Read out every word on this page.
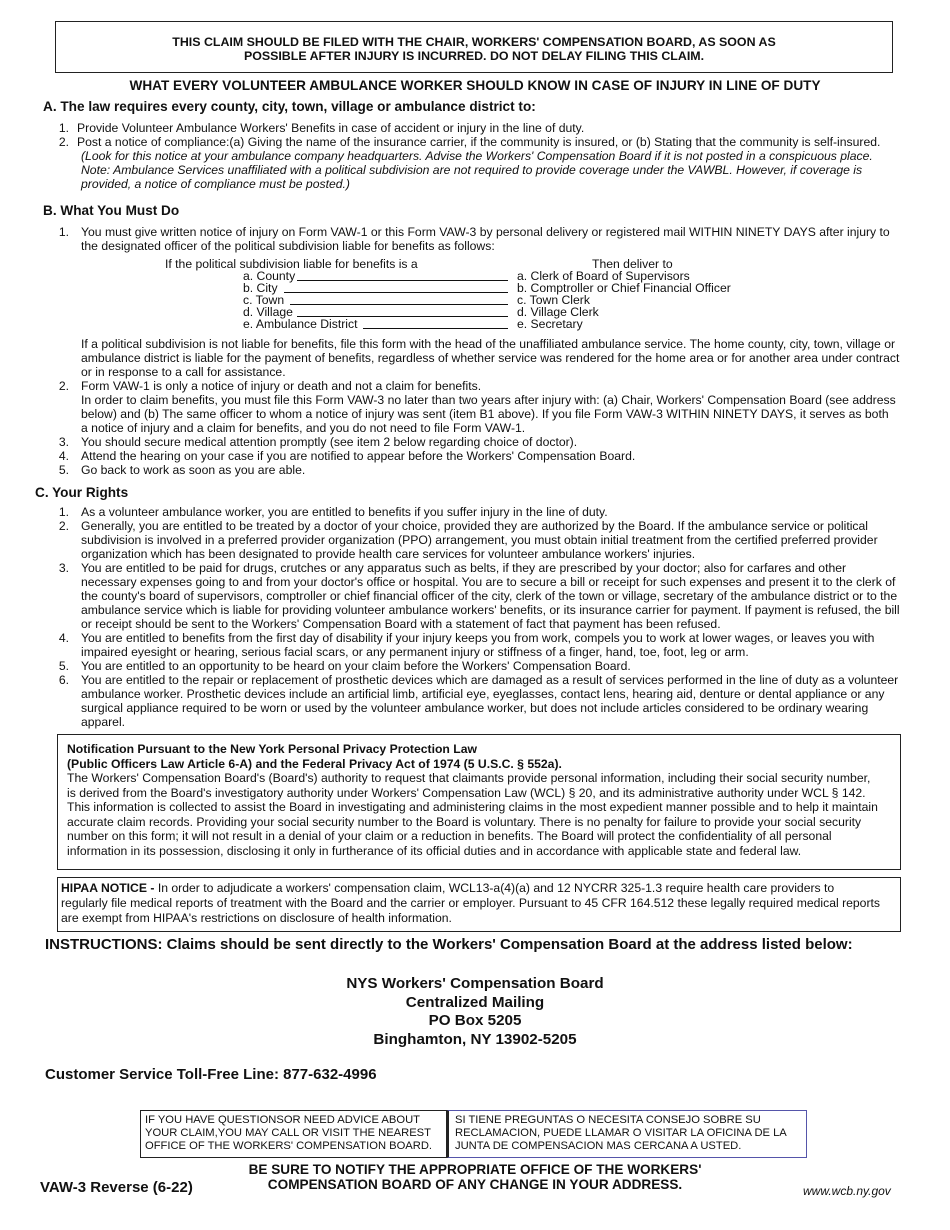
THIS CLAIM SHOULD BE FILED WITH THE CHAIR, WORKERS' COMPENSATION BOARD, AS SOON AS
POSSIBLE AFTER INJURY IS INCURRED. DO NOT DELAY FILING THIS CLAIM.
WHAT EVERY VOLUNTEER AMBULANCE WORKER SHOULD KNOW IN CASE OF INJURY IN LINE OF DUTY
A. The law requires every county, city, town, village or ambulance district to:
1. Provide Volunteer Ambulance Workers' Benefits in case of accident or injury in the line of duty.
2. Post a notice of compliance:(a) Giving the name of the insurance carrier, if the community is insured, or (b) Stating that the community is self-insured.
(Look for this notice at your ambulance company headquarters. Advise the Workers' Compensation Board if it is not posted in a conspicuous place.
Note: Ambulance Services unaffiliated with a political subdivision are not required to provide coverage under the VAWBL. However, if coverage is
provided, a notice of compliance must be posted.)
B. What You Must Do
1. You must give written notice of injury on Form VAW-1 or this Form VAW-3 by personal delivery or registered mail WITHIN NINETY DAYS after injury to
the designated officer of the political subdivision liable for benefits as follows:
If the political subdivision liable for benefits is a	Then deliver to
a. County
b. City
c. Town
d. Village
e. Ambulance District
a. Clerk of Board of Supervisors
b. Comptroller or Chief Financial Officer
c. Town Clerk
d. Village Clerk
e. Secretary
If a political subdivision is not liable for benefits, file this form with the head of the unaffiliated ambulance service. The home county, city, town, village or
ambulance district is liable for the payment of benefits, regardless of whether service was rendered for the home area or for another area under contract
or in response to a call for assistance.
2. Form VAW-1 is only a notice of injury or death and not a claim for benefits.
In order to claim benefits, you must file this Form VAW-3 no later than two years after injury with: (a) Chair, Workers' Compensation Board (see address
below) and (b) The same officer to whom a notice of injury was sent (item B1 above). If you file Form VAW-3 WITHIN NINETY DAYS, it serves as both
a notice of injury and a claim for benefits, and you do not need to file Form VAW-1.
3. You should secure medical attention promptly (see item 2 below regarding choice of doctor).
4. Attend the hearing on your case if you are notified to appear before the Workers' Compensation Board.
5. Go back to work as soon as you are able.
C. Your Rights
1. As a volunteer ambulance worker, you are entitled to benefits if you suffer injury in the line of duty.
2. Generally, you are entitled to be treated by a doctor of your choice, provided they are authorized by the Board. If the ambulance service or political
subdivision is involved in a preferred provider organization (PPO) arrangement, you must obtain initial treatment from the certified preferred provider
organization which has been designated to provide health care services for volunteer ambulance workers' injuries.
3. You are entitled to be paid for drugs, crutches or any apparatus such as belts, if they are prescribed by your doctor; also for carfares and other
necessary expenses going to and from your doctor's office or hospital. You are to secure a bill or receipt for such expenses and present it to the clerk of
the county's board of supervisors, comptroller or chief financial officer of the city, clerk of the town or village, secretary of the ambulance district or to the
ambulance service which is liable for providing volunteer ambulance workers' benefits, or its insurance carrier for payment. If payment is refused, the bill
or receipt should be sent to the Workers' Compensation Board with a statement of fact that payment has been refused.
4. You are entitled to benefits from the first day of disability if your injury keeps you from work, compels you to work at lower wages, or leaves you with
impaired eyesight or hearing, serious facial scars, or any permanent injury or stiffness of a finger, hand, toe, foot, leg or arm.
5. You are entitled to an opportunity to be heard on your claim before the Workers' Compensation Board.
6. You are entitled to the repair or replacement of prosthetic devices which are damaged as a result of services performed in the line of duty as a volunteer
ambulance worker. Prosthetic devices include an artificial limb, artificial eye, eyeglasses, contact lens, hearing aid, denture or dental appliance or any
surgical appliance required to be worn or used by the volunteer ambulance worker, but does not include articles considered to be ordinary wearing
apparel.
Notification Pursuant to the New York Personal Privacy Protection Law
(Public Officers Law Article 6-A) and the Federal Privacy Act of 1974 (5 U.S.C. § 552a).
The Workers' Compensation Board's (Board's) authority to request that claimants provide personal information, including their social security number,
is derived from the Board's investigatory authority under Workers' Compensation Law (WCL) § 20, and its administrative authority under WCL § 142.
This information is collected to assist the Board in investigating and administering claims in the most expedient manner possible and to help it maintain
accurate claim records. Providing your social security number to the Board is voluntary. There is no penalty for failure to provide your social security
number on this form; it will not result in a denial of your claim or a reduction in benefits. The Board will protect the confidentiality of all personal
information in its possession, disclosing it only in furtherance of its official duties and in accordance with applicable state and federal law.
HIPAA NOTICE - In order to adjudicate a workers' compensation claim, WCL13-a(4)(a) and 12 NYCRR 325-1.3 require health care providers to
regularly file medical reports of treatment with the Board and the carrier or employer. Pursuant to 45 CFR 164.512 these legally required medical reports
are exempt from HIPAA's restrictions on disclosure of health information.
INSTRUCTIONS: Claims should be sent directly to the Workers' Compensation Board at the address listed below:
NYS Workers' Compensation Board
Centralized Mailing
PO Box 5205
Binghamton, NY 13902-5205
Customer Service Toll-Free Line: 877-632-4996
IF YOU HAVE QUESTIONSOR NEED ADVICE ABOUT
YOUR CLAIM,YOU MAY CALL OR VISIT THE NEAREST
OFFICE OF THE WORKERS' COMPENSATION BOARD.
SI TIENE PREGUNTAS O NECESITA CONSEJO SOBRE SU
RECLAMACION, PUEDE LLAMAR O VISITAR LA OFICINA DE LA
JUNTA DE COMPENSACION MAS CERCANA A USTED.
BE SURE TO NOTIFY THE APPROPRIATE OFFICE OF THE WORKERS'
COMPENSATION BOARD OF ANY CHANGE IN YOUR ADDRESS.
VAW-3 Reverse (6-22)	www.wcb.ny.gov
